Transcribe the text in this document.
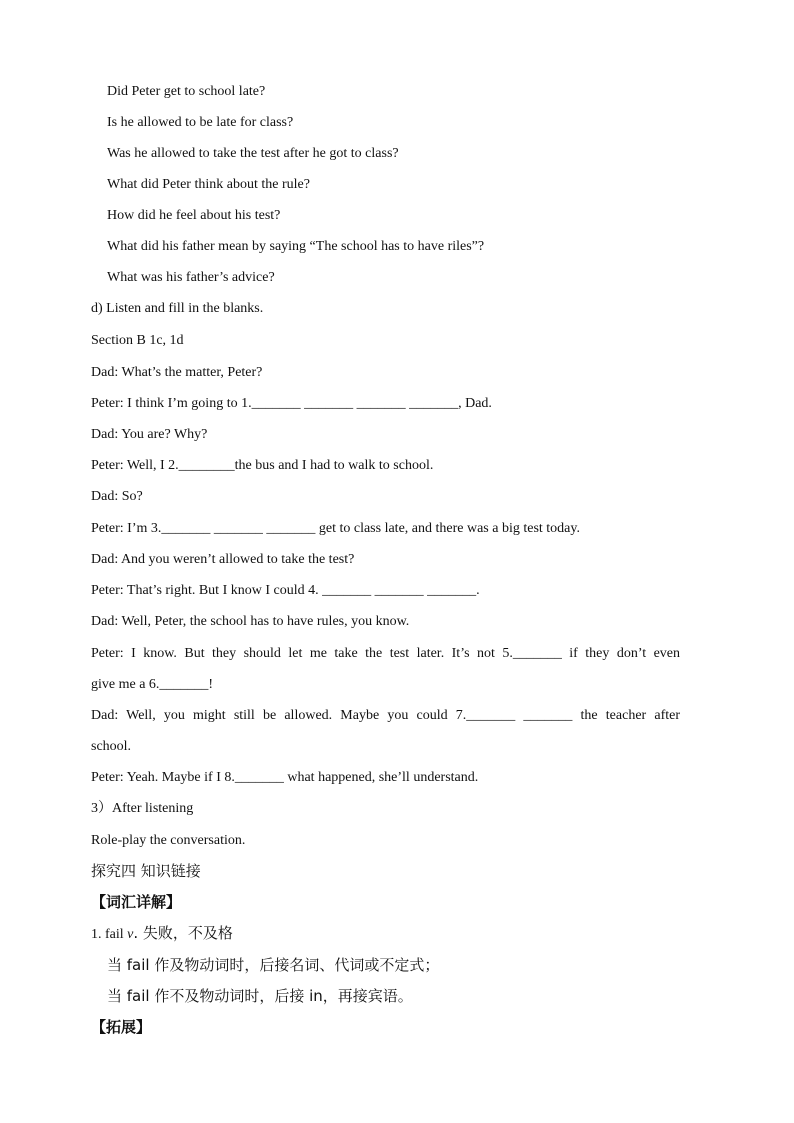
Did Peter get to school late?
Is he allowed to be late for class?
Was he allowed to take the test after he got to class?
What did Peter think about the rule?
How did he feel about his test?
What did his father mean by saying “The school has to have riles”?
What was his father’s advice?
d) Listen and fill in the blanks.
Section B 1c, 1d
Dad: What’s the matter, Peter?
Peter: I think I’m going to 1._______ _______ _______ _______, Dad.
Dad: You are? Why?
Peter: Well, I 2.________the bus and I had to walk to school.
Dad: So?
Peter: I’m 3._______ _______ _______ get to class late, and there was a big test today.
Dad: And you weren’t allowed to take the test?
Peter: That’s right. But I know I could 4. _______ _______ _______.
Dad: Well, Peter, the school has to have rules, you know.
Peter: I know. But they should let me take the test later. It’s not 5._______ if they don’t even
give me a 6._______!
Dad: Well, you might still be allowed. Maybe you could 7._______ _______ the teacher after
school.
Peter: Yeah. Maybe if I 8._______ what happened, she’ll understand.
3）After listening
Role-play the conversation.
探究四 知识链接
【词汇详解】
1. fail v. 失败，不及格
当 fail 作及物动词时，后接名词、代词或不定式；
当 fail 作不及物动词时，后接 in，再接宾语。
【拓展】
